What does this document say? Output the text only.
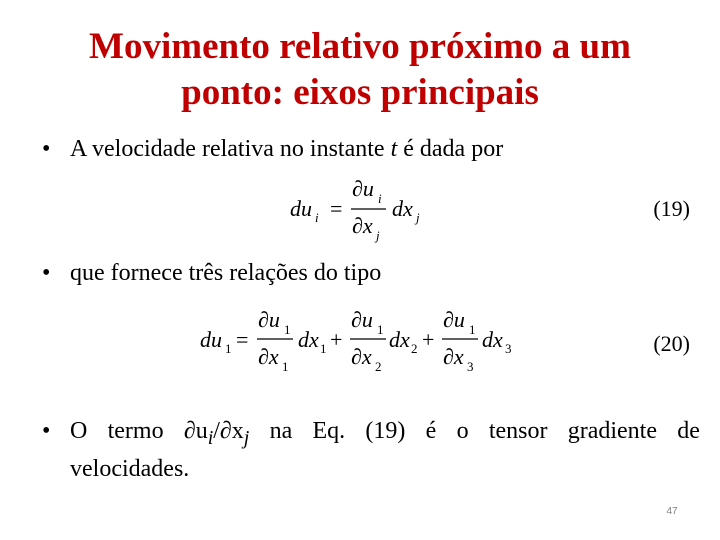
Movimento relativo próximo a um
ponto: eixos principais
• A velocidade relativa no instante t é dada por
du i =
∂u i
∂x j
dx j
du 1 =
∂u 1
∂x 1
dx 1 +
∂u 1
∂x 2
dx 2 +
∂u 1
∂x 3
dx 3
(19)
• que fornece três relações do tipo
(20)
• O termo $\partial u_i/\partial x_j$ na Eq. (19) é o tensor gradiente de
velocidades.
47
